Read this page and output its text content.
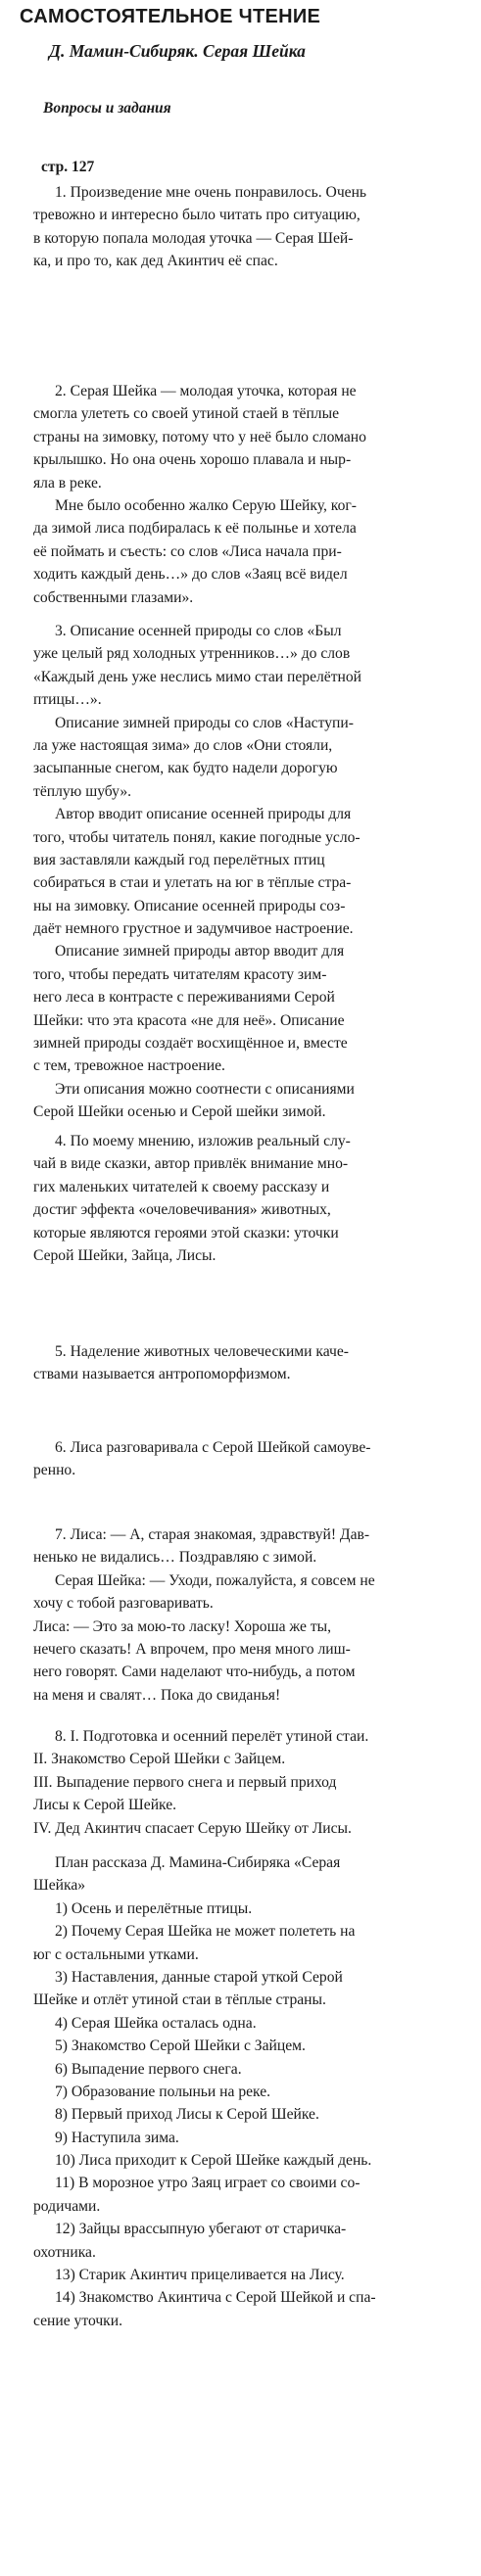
САМОСТОЯТЕЛЬНОЕ ЧТЕНИЕ
Д. Мамин-Сибиряк. Серая Шейка
Вопросы и задания
стр. 127
1. Произведение мне очень понравилось. Очень
тревожно и интересно было читать про ситуацию,
в которую попала молодая уточка — Серая Шей-
ка, и про то, как дед Акинтич её спас.
2. Серая Шейка — молодая уточка, которая не
смогла улететь со своей утиной стаей в тёплые
страны на зимовку, потому что у неё было сломано
крылышко. Но она очень хорошо плавала и ныр-
яла в реке.
Мне было особенно жалко Серую Шейку, ког-
да зимой лиса подбиралась к её полынье и хотела
её поймать и съесть: со слов «Лиса начала при-
ходить каждый день…» до слов «Заяц всё видел
собственными глазами».
3. Описание осенней природы со слов «Был
уже целый ряд холодных утренников…» до слов
«Каждый день уже неслись мимо стаи перелётной
птицы…».
Описание зимней природы со слов «Наступи-
ла уже настоящая зима» до слов «Они стояли,
засыпанные снегом, как будто надели дорогую
тёплую шубу».
Автор вводит описание осенней природы для
того, чтобы читатель понял, какие погодные усло-
вия заставляли каждый год перелётных птиц
собираться в стаи и улетать на юг в тёплые стра-
ны на зимовку. Описание осенней природы соз-
даёт немного грустное и задумчивое настроение.
Описание зимней природы автор вводит для
того, чтобы передать читателям красоту зим-
него леса в контрасте с переживаниями Серой
Шейки: что эта красота «не для неё». Описание
зимней природы создаёт восхищённое и, вместе
с тем, тревожное настроение.
Эти описания можно соотнести с описаниями
Серой Шейки осенью и Серой шейки зимой.
4. По моему мнению, изложив реальный слу-
чай в виде сказки, автор привлёк внимание мно-
гих маленьких читателей к своему рассказу и
достиг эффекта «очеловечивания» животных,
которые являются героями этой сказки: уточки
Серой Шейки, Зайца, Лисы.
5. Наделение животных человеческими каче-
ствами называется антропоморфизмом.
6. Лиса разговаривала с Серой Шейкой самоуве-
ренно.
7. Лиса: — А, старая знакомая, здравствуй! Дав-
ненько не видались… Поздравляю с зимой.
Серая Шейка: — Уходи, пожалуйста, я совсем не
хочу с тобой разговаривать.
Лиса: — Это за мою-то ласку! Хороша же ты,
нечего сказать! А впрочем, про меня много лиш-
него говорят. Сами наделают что-нибудь, а потом
на меня и свалят… Пока до свиданья!
8. I. Подготовка и осенний перелёт утиной стаи.
II. Знакомство Серой Шейки с Зайцем.
III. Выпадение первого снега и первый приход
Лисы к Серой Шейке.
IV. Дед Акинтич спасает Серую Шейку от Лисы.
План рассказа Д. Мамина-Сибиряка «Серая
Шейка»
1) Осень и перелётные птицы.
2) Почему Серая Шейка не может полететь на
юг с остальными утками.
3) Наставления, данные старой уткой Серой
Шейке и отлёт утиной стаи в тёплые страны.
4) Серая Шейка осталась одна.
5) Знакомство Серой Шейки с Зайцем.
6) Выпадение первого снега.
7) Образование полыньи на реке.
8) Первый приход Лисы к Серой Шейке.
9) Наступила зима.
10) Лиса приходит к Серой Шейке каждый день.
11) В морозное утро Заяц играет со своими со-
родичами.
12) Зайцы врассыпную убегают от старичка-
охотника.
13) Старик Акинтич прицеливается на Лису.
14) Знакомство Акинтича с Серой Шейкой и спа-
сение уточки.
